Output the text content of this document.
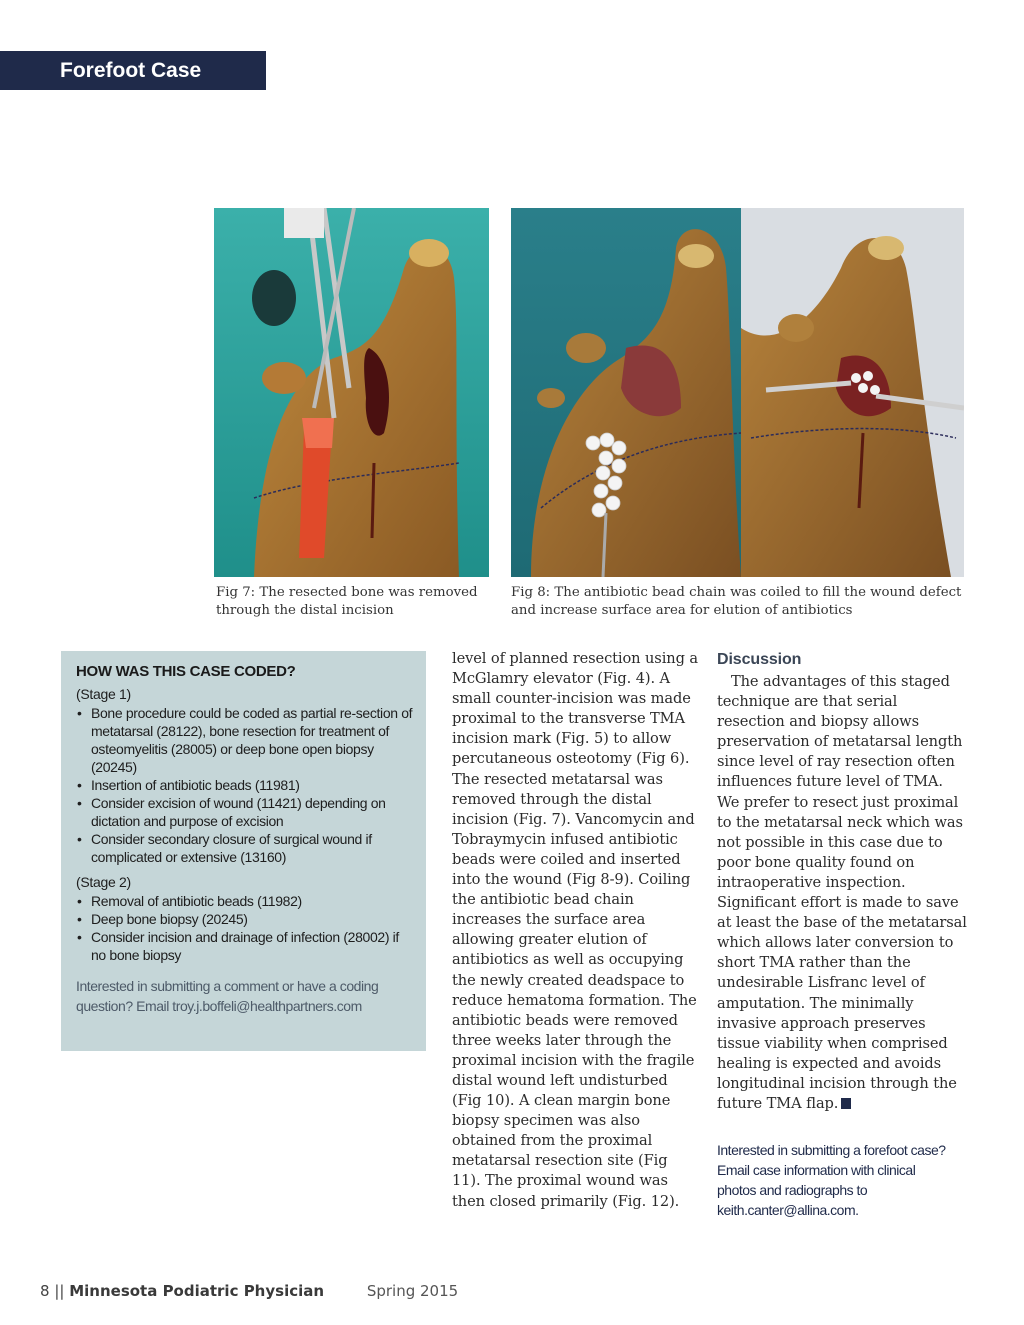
Forefoot Case
Fig 7: The resected bone was removed
through the distal incision
Fig 8: The antibiotic bead chain was coiled to fill the wound defect
and increase surface area for elution of antibiotics
HOW WAS THIS CASE CODED?
(Stage 1)
• Bone procedure could be coded as partial re-section of metatarsal (28122), bone resection for treatment of osteomyelitis (28005) or deep bone open biopsy (20245)
• Insertion of antibiotic beads (11981)
• Consider excision of wound (11421) depending on dictation and purpose of excision
• Consider secondary closure of surgical wound if complicated or extensive (13160)
(Stage 2)
• Removal of antibiotic beads (11982)
• Deep bone biopsy (20245)
• Consider incision and drainage of infection (28002) if no bone biopsy
Interested in submitting a comment or have a coding question? Email troy.j.boffeli@healthpartners.com

level of planned resection using a McGlamry elevator (Fig. 4). A small counter-incision was made proximal to the transverse TMA incision mark (Fig. 5) to allow percutaneous osteotomy (Fig 6). The resected metatarsal was removed through the distal incision (Fig. 7). Vancomycin and Tobraymycin infused antibiotic beads were coiled and inserted into the wound (Fig 8-9). Coiling the antibiotic bead chain increases the surface area allowing greater elution of antibiotics as well as occupying the newly created deadspace to reduce hematoma formation. The antibiotic beads were removed three weeks later through the proximal incision with the fragile distal wound left undisturbed (Fig 10). A clean margin bone biopsy specimen was also obtained from the proximal metatarsal resection site (Fig 11). The proximal wound was then closed primarily (Fig. 12).

Discussion

The advantages of this staged technique are that serial resection and biopsy allows preservation of metatarsal length since level of ray resection often influences future level of TMA. We prefer to resect just proximal to the metatarsal neck which was not possible in this case due to poor bone quality found on intraoperative inspection. Significant effort is made to save at least the base of the metatarsal which allows later conversion to short TMA rather than the undesirable Lisfranc level of amputation. The minimally invasive approach preserves tissue viability when comprised healing is expected and avoids longitudinal incision through the future TMA flap.

Interested in submitting a forefoot case? Email case information with clinical photos and radiographs to keith.canter@allina.com.
8 || Minnesota Podiatric Physician	Spring 2015
